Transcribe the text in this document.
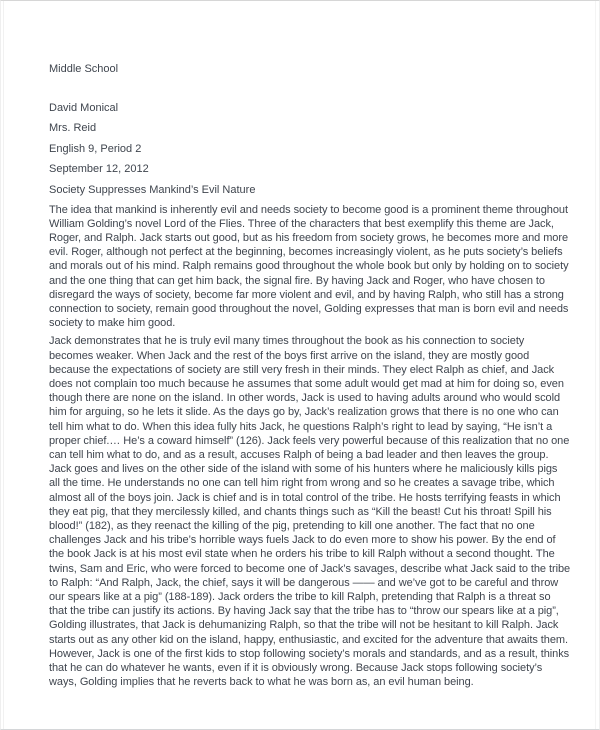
Middle School
David Monical
Mrs. Reid
English 9, Period 2
September 12, 2012
Society Suppresses Mankind’s Evil Nature

The idea that mankind is inherently evil and needs society to become good is a prominent theme throughout William Golding’s novel Lord of the Flies. Three of the characters that best exemplify this theme are Jack, Roger, and Ralph. Jack starts out good, but as his freedom from society grows, he becomes more and more evil. Roger, although not perfect at the beginning, becomes increasingly violent, as he puts society’s beliefs and morals out of his mind. Ralph remains good throughout the whole book but only by holding on to society and the one thing that can get him back, the signal fire. By having Jack and Roger, who have chosen to disregard the ways of society, become far more violent and evil, and by having Ralph, who still has a strong connection to society, remain good throughout the novel, Golding expresses that man is born evil and needs society to make him good.

Jack demonstrates that he is truly evil many times throughout the book as his connection to society becomes weaker. When Jack and the rest of the boys first arrive on the island, they are mostly good because the expectations of society are still very fresh in their minds. They elect Ralph as chief, and Jack does not complain too much because he assumes that some adult would get mad at him for doing so, even though there are none on the island. In other words, Jack is used to having adults around who would scold him for arguing, so he lets it slide. As the days go by, Jack’s realization grows that there is no one who can tell him what to do. When this idea fully hits Jack, he questions Ralph’s right to lead by saying, “He isn’t a proper chief.… He’s a coward himself” (126). Jack feels very powerful because of this realization that no one can tell him what to do, and as a result, accuses Ralph of being a bad leader and then leaves the group. Jack goes and lives on the other side of the island with some of his hunters where he maliciously kills pigs all the time. He understands no one can tell him right from wrong and so he creates a savage tribe, which almost all of the boys join. Jack is chief and is in total control of the tribe. He hosts terrifying feasts in which they eat pig, that they mercilessly killed, and chants things such as “Kill the beast! Cut his throat! Spill his blood!” (182), as they reenact the killing of the pig, pretending to kill one another. The fact that no one challenges Jack and his tribe’s horrible ways fuels Jack to do even more to show his power. By the end of the book Jack is at his most evil state when he orders his tribe to kill Ralph without a second thought. The twins, Sam and Eric, who were forced to become one of Jack’s savages, describe what Jack said to the tribe to Ralph: “And Ralph, Jack, the chief, says it will be dangerous —— and we’ve got to be careful and throw our spears like at a pig” (188-189). Jack orders the tribe to kill Ralph, pretending that Ralph is a threat so that the tribe can justify its actions. By having Jack say that the tribe has to “throw our spears like at a pig”, Golding illustrates, that Jack is dehumanizing Ralph, so that the tribe will not be hesitant to kill Ralph. Jack starts out as any other kid on the island, happy, enthusiastic, and excited for the adventure that awaits them. However, Jack is one of the first kids to stop following society’s morals and standards, and as a result, thinks that he can do whatever he wants, even if it is obviously wrong. Because Jack stops following society’s ways, Golding implies that he reverts back to what he was born as, an evil human being.
